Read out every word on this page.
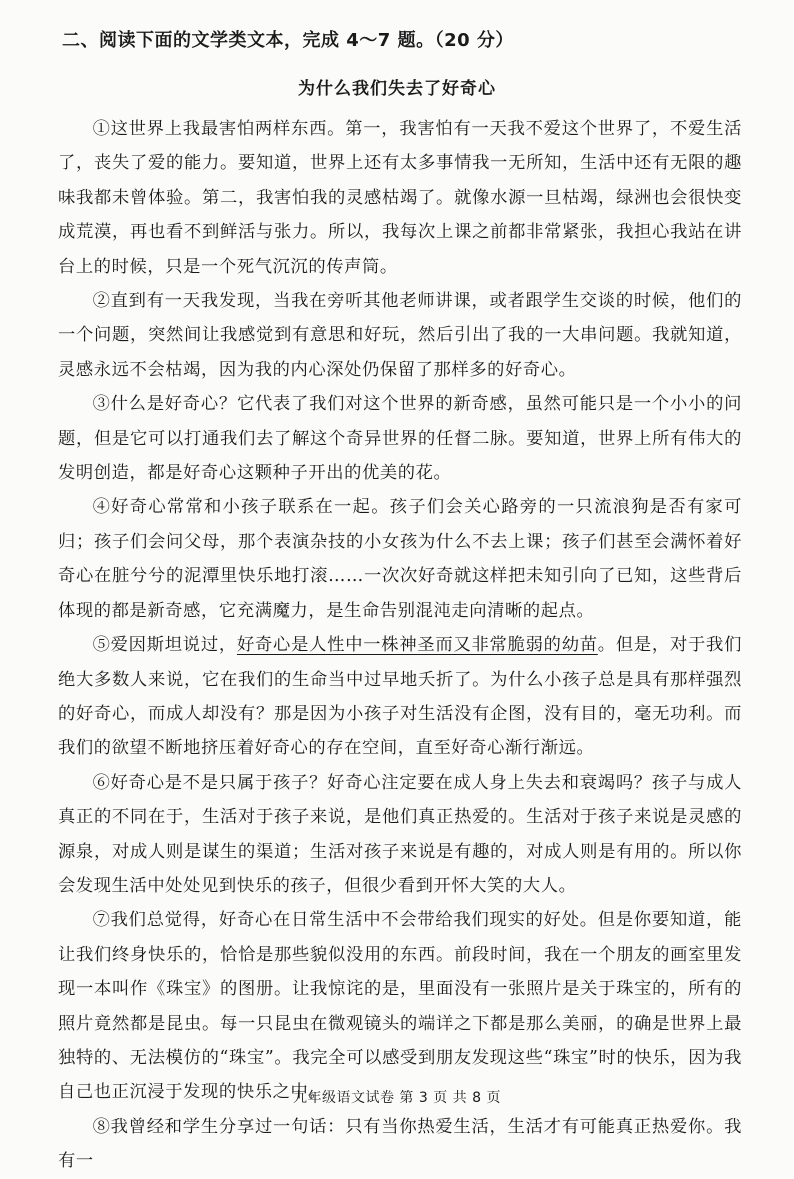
二、阅读下面的文学类文本，完成 4～7 题。（20 分）
为什么我们失去了好奇心

①这世界上我最害怕两样东西。第一，我害怕有一天我不爱这个世界了，不爱生活了，丧失了爱的能力。要知道，世界上还有太多事情我一无所知，生活中还有无限的趣味我都未曾体验。第二，我害怕我的灵感枯竭了。就像水源一旦枯竭，绿洲也会很快变成荒漠，再也看不到鲜活与张力。所以，我每次上课之前都非常紧张，我担心我站在讲台上的时候，只是一个死气沉沉的传声筒。

②直到有一天我发现，当我在旁听其他老师讲课，或者跟学生交谈的时候，他们的一个问题，突然间让我感觉到有意思和好玩，然后引出了我的一大串问题。我就知道，灵感永远不会枯竭，因为我的内心深处仍保留了那样多的好奇心。

③什么是好奇心？它代表了我们对这个世界的新奇感，虽然可能只是一个小小的问题，但是它可以打通我们去了解这个奇异世界的任督二脉。要知道，世界上所有伟大的发明创造，都是好奇心这颗种子开出的优美的花。

④好奇心常常和小孩子联系在一起。孩子们会关心路旁的一只流浪狗是否有家可归；孩子们会问父母，那个表演杂技的小女孩为什么不去上课；孩子们甚至会满怀着好奇心在脏兮兮的泥潭里快乐地打滚……一次次好奇就这样把未知引向了已知，这些背后体现的都是新奇感，它充满魔力，是生命告别混沌走向清晰的起点。

⑤爱因斯坦说过，好奇心是人性中一株神圣而又非常脆弱的幼苗。但是，对于我们绝大多数人来说，它在我们的生命当中过早地夭折了。为什么小孩子总是具有那样强烈的好奇心，而成人却没有？那是因为小孩子对生活没有企图，没有目的，毫无功利。而我们的欲望不断地挤压着好奇心的存在空间，直至好奇心渐行渐远。

⑥好奇心是不是只属于孩子？好奇心注定要在成人身上失去和衰竭吗？孩子与成人真正的不同在于，生活对于孩子来说，是他们真正热爱的。生活对于孩子来说是灵感的源泉，对成人则是谋生的渠道；生活对孩子来说是有趣的，对成人则是有用的。所以你会发现生活中处处见到快乐的孩子，但很少看到开怀大笑的大人。

⑦我们总觉得，好奇心在日常生活中不会带给我们现实的好处。但是你要知道，能让我们终身快乐的，恰恰是那些貌似没用的东西。前段时间，我在一个朋友的画室里发现一本叫作《珠宝》的图册。让我惊诧的是，里面没有一张照片是关于珠宝的，所有的照片竟然都是昆虫。每一只昆虫在微观镜头的端详之下都是那么美丽，的确是世界上最独特的、无法模仿的“珠宝”。我完全可以感受到朋友发现这些“珠宝”时的快乐，因为我自己也正沉浸于发现的快乐之中。

⑧我曾经和学生分享过一句话：只有当你热爱生活，生活才有可能真正热爱你。我有一

九年级语文试卷 第 3 页 共 8 页
